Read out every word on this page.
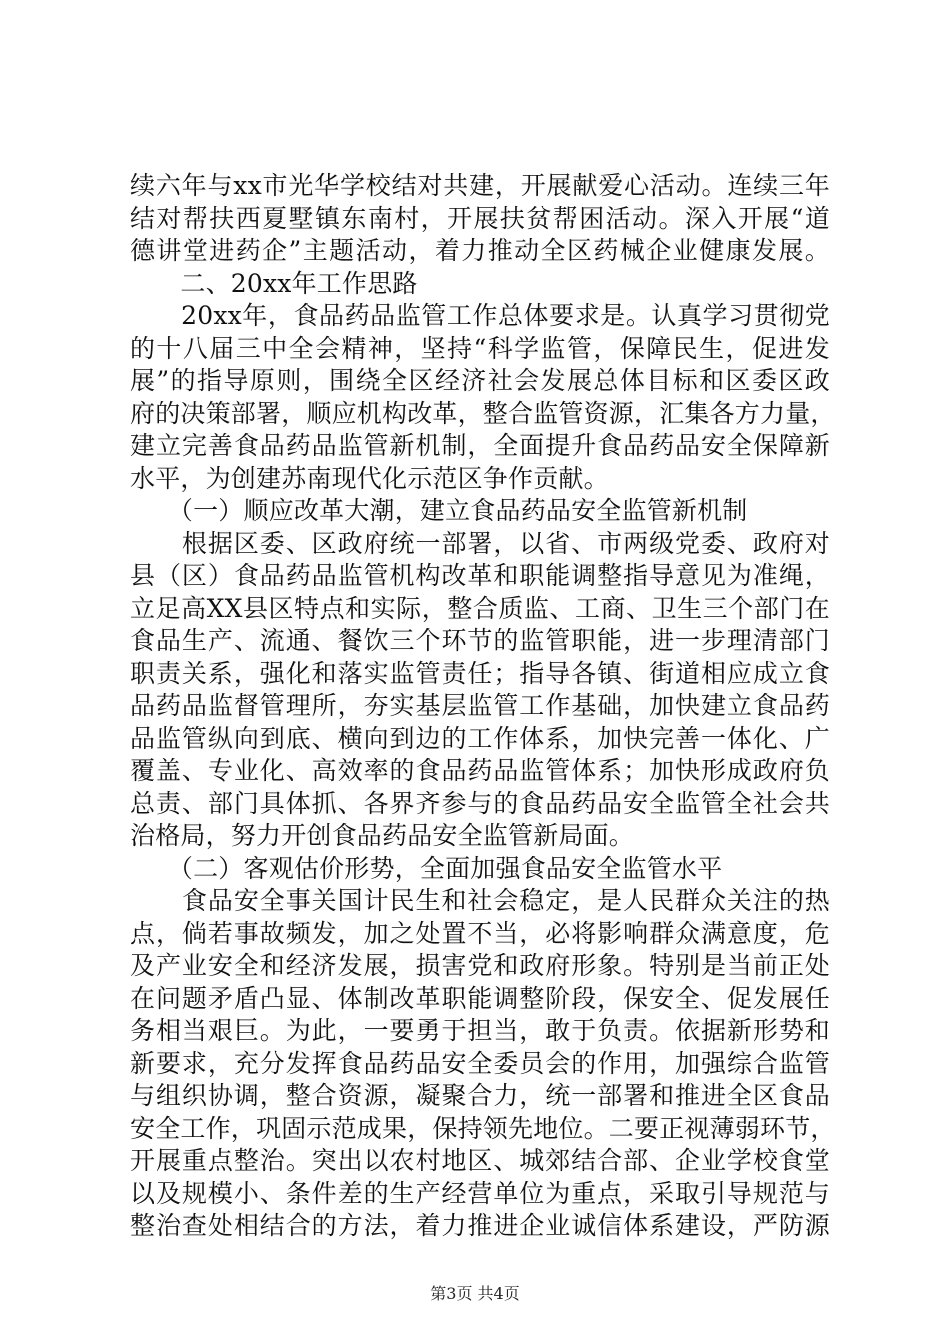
续六年与xx市光华学校结对共建，开展献爱心活动。连续三年
结对帮扶西夏墅镇东南村，开展扶贫帮困活动。深入开展“道
德讲堂进药企”主题活动，着力推动全区药械企业健康发展。
　　二、20xx年工作思路
　　20xx年，食品药品监管工作总体要求是。认真学习贯彻党
的十八届三中全会精神，坚持“科学监管，保障民生，促进发
展”的指导原则，围绕全区经济社会发展总体目标和区委区政
府的决策部署，顺应机构改革，整合监管资源，汇集各方力量，
建立完善食品药品监管新机制，全面提升食品药品安全保障新
水平，为创建苏南现代化示范区争作贡献。
　　（一）顺应改革大潮，建立食品药品安全监管新机制
　　根据区委、区政府统一部署，以省、市两级党委、政府对
县（区）食品药品监管机构改革和职能调整指导意见为准绳，
立足高XX县区特点和实际，整合质监、工商、卫生三个部门在
食品生产、流通、餐饮三个环节的监管职能，进一步理清部门
职责关系，强化和落实监管责任；指导各镇、街道相应成立食
品药品监督管理所，夯实基层监管工作基础，加快建立食品药
品监管纵向到底、横向到边的工作体系，加快完善一体化、广
覆盖、专业化、高效率的食品药品监管体系；加快形成政府负
总责、部门具体抓、各界齐参与的食品药品安全监管全社会共
治格局，努力开创食品药品安全监管新局面。
　　（二）客观估价形势，全面加强食品安全监管水平
　　食品安全事关国计民生和社会稳定，是人民群众关注的热
点，倘若事故频发，加之处置不当，必将影响群众满意度，危
及产业安全和经济发展，损害党和政府形象。特别是当前正处
在问题矛盾凸显、体制改革职能调整阶段，保安全、促发展任
务相当艰巨。为此，一要勇于担当，敢于负责。依据新形势和
新要求，充分发挥食品药品安全委员会的作用，加强综合监管
与组织协调，整合资源，凝聚合力，统一部署和推进全区食品
安全工作，巩固示范成果，保持领先地位。二要正视薄弱环节，
开展重点整治。突出以农村地区、城郊结合部、企业学校食堂
以及规模小、条件差的生产经营单位为重点，采取引导规范与
整治查处相结合的方法，着力推进企业诚信体系建设，严防源
第3页 共4页
